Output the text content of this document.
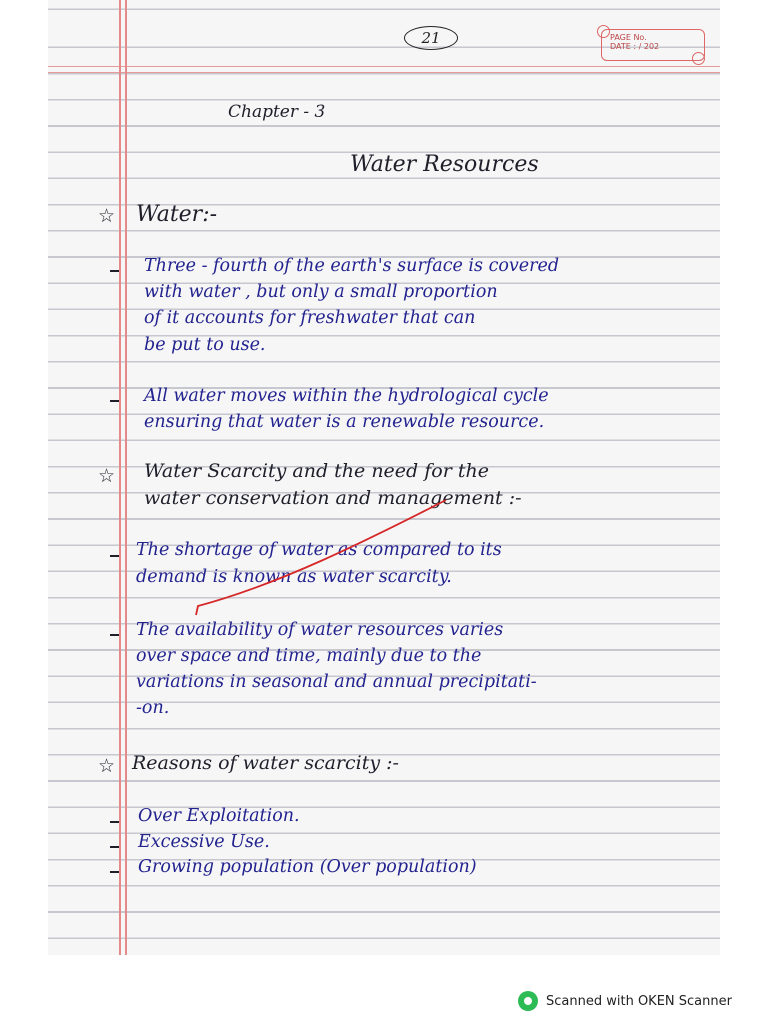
21	PAGE No.
DATE : / 202

Chapter - 3

Water Resources

☆ Water:-

Three - fourth of the earth's surface is covered

with water , but only a small proportion

of it accounts for freshwater that can

be put to use.

All water moves within the hydrological cycle

ensuring that water is a renewable resource.

☆ Water Scarcity and the need for the

water conservation and management :-

The shortage of water as compared to its

demand is known as water scarcity.

The availability of water resources varies

over space and time, mainly due to the

variations in seasonal and annual precipitati-

-on.

☆ Reasons of water scarcity :-

Over Exploitation.

Excessive Use.

Growing population (Over population)

Scanned with OKEN Scanner
